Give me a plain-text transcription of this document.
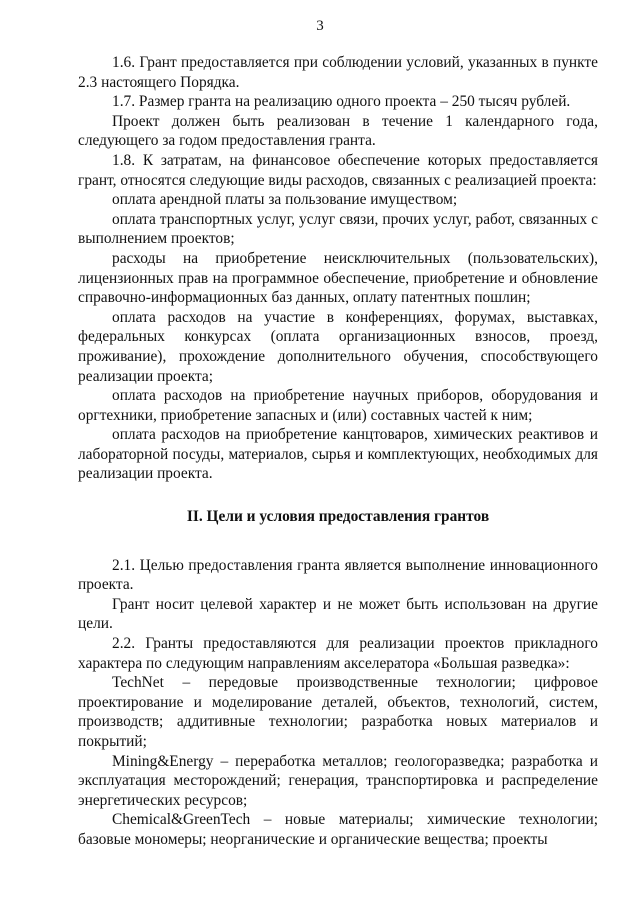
3

1.6. Грант предоставляется при соблюдении условий, указанных в пункте 2.3 настоящего Порядка.

1.7. Размер гранта на реализацию одного проекта – 250 тысяч рублей.

Проект должен быть реализован в течение 1 календарного года, следующего за годом предоставления гранта.

1.8. К затратам, на финансовое обеспечение которых предоставляется грант, относятся следующие виды расходов, связанных с реализацией проекта:

оплата арендной платы за пользование имуществом;

оплата транспортных услуг, услуг связи, прочих услуг, работ, связанных с выполнением проектов;

расходы на приобретение неисключительных (пользовательских), лицензионных прав на программное обеспечение, приобретение и обновление справочно-информационных баз данных, оплату патентных пошлин;

оплата расходов на участие в конференциях, форумах, выставках, федеральных конкурсах (оплата организационных взносов, проезд, проживание), прохождение дополнительного обучения, способствующего реализации проекта;

оплата расходов на приобретение научных приборов, оборудования и оргтехники, приобретение запасных и (или) составных частей к ним;

оплата расходов на приобретение канцтоваров, химических реактивов и лабораторной посуды, материалов, сырья и комплектующих, необходимых для реализации проекта.

II. Цели и условия предоставления грантов

2.1. Целью предоставления гранта является выполнение инновационного проекта.

Грант носит целевой характер и не может быть использован на другие цели.

2.2. Гранты предоставляются для реализации проектов прикладного характера по следующим направлениям акселератора «Большая разведка»:

TechNet – передовые производственные технологии; цифровое проектирование и моделирование деталей, объектов, технологий, систем, производств; аддитивные технологии; разработка новых материалов и покрытий;

Mining&Energy – переработка металлов; геологоразведка; разработка и эксплуатация месторождений; генерация, транспортировка и распределение энергетических ресурсов;

Chemical&GreenTech – новые материалы; химические технологии; базовые мономеры; неорганические и органические вещества; проекты
